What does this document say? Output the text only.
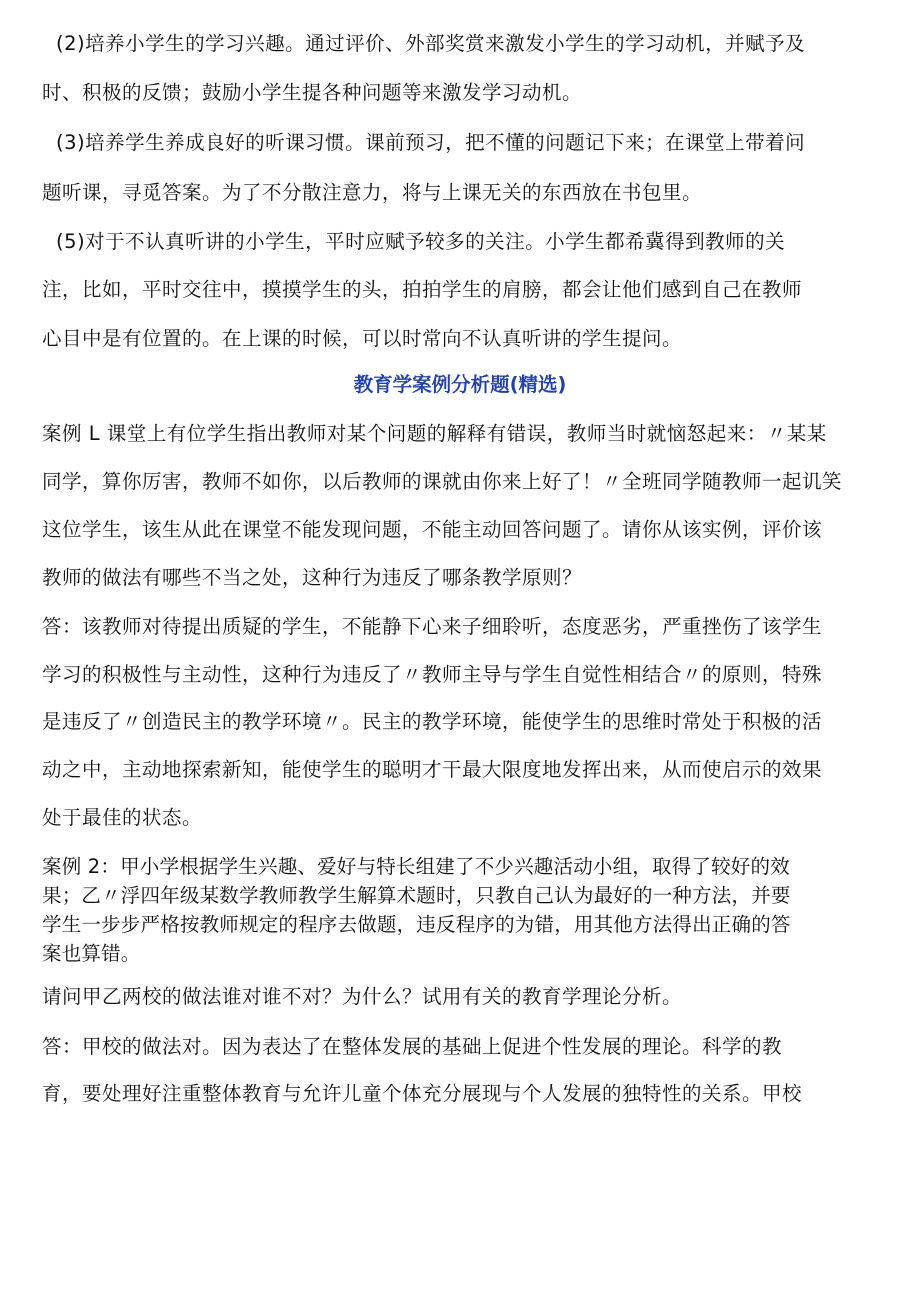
(2)培养小学生的学习兴趣。通过评价、外部奖赏来激发小学生的学习动机，并赋予及
时、积极的反馈；鼓励小学生提各种问题等来激发学习动机。
(3)培养学生养成良好的听课习惯。课前预习，把不懂的问题记下来；在课堂上带着问
题听课，寻觅答案。为了不分散注意力，将与上课无关的东西放在书包里。
(5)对于不认真听讲的小学生，平时应赋予较多的关注。小学生都希冀得到教师的关
注，比如，平时交往中，摸摸学生的头，拍拍学生的肩膀，都会让他们感到自己在教师
心目中是有位置的。在上课的时候，可以时常向不认真听讲的学生提问。
教育学案例分析题(精选)
案例 L 课堂上有位学生指出教师对某个问题的解释有错误，教师当时就恼怒起来：〃某某
同学，算你厉害，教师不如你，以后教师的课就由你来上好了！〃全班同学随教师一起讥笑
这位学生，该生从此在课堂不能发现问题，不能主动回答问题了。请你从该实例，评价该
教师的做法有哪些不当之处，这种行为违反了哪条教学原则？
答：该教师对待提出质疑的学生，不能静下心来子细聆听，态度恶劣，严重挫伤了该学生
学习的积极性与主动性，这种行为违反了〃教师主导与学生自觉性相结合〃的原则，特殊
是违反了〃创造民主的教学环境〃。民主的教学环境，能使学生的思维时常处于积极的活
动之中，主动地探索新知，能使学生的聪明才干最大限度地发挥出来，从而使启示的效果
处于最佳的状态。
案例 2：甲小学根据学生兴趣、爱好与特长组建了不少兴趣活动小组，取得了较好的效
果；乙〃浮四年级某数学教师教学生解算术题时，只教自己认为最好的一种方法，并要
学生一步步严格按教师规定的程序去做题，违反程序的为错，用其他方法得出正确的答
案也算错。
请问甲乙两校的做法谁对谁不对？为什么？试用有关的教育学理论分析。
答：甲校的做法对。因为表达了在整体发展的基础上促进个性发展的理论。科学的教
育，要处理好注重整体教育与允许儿童个体充分展现与个人发展的独特性的关系。甲校
